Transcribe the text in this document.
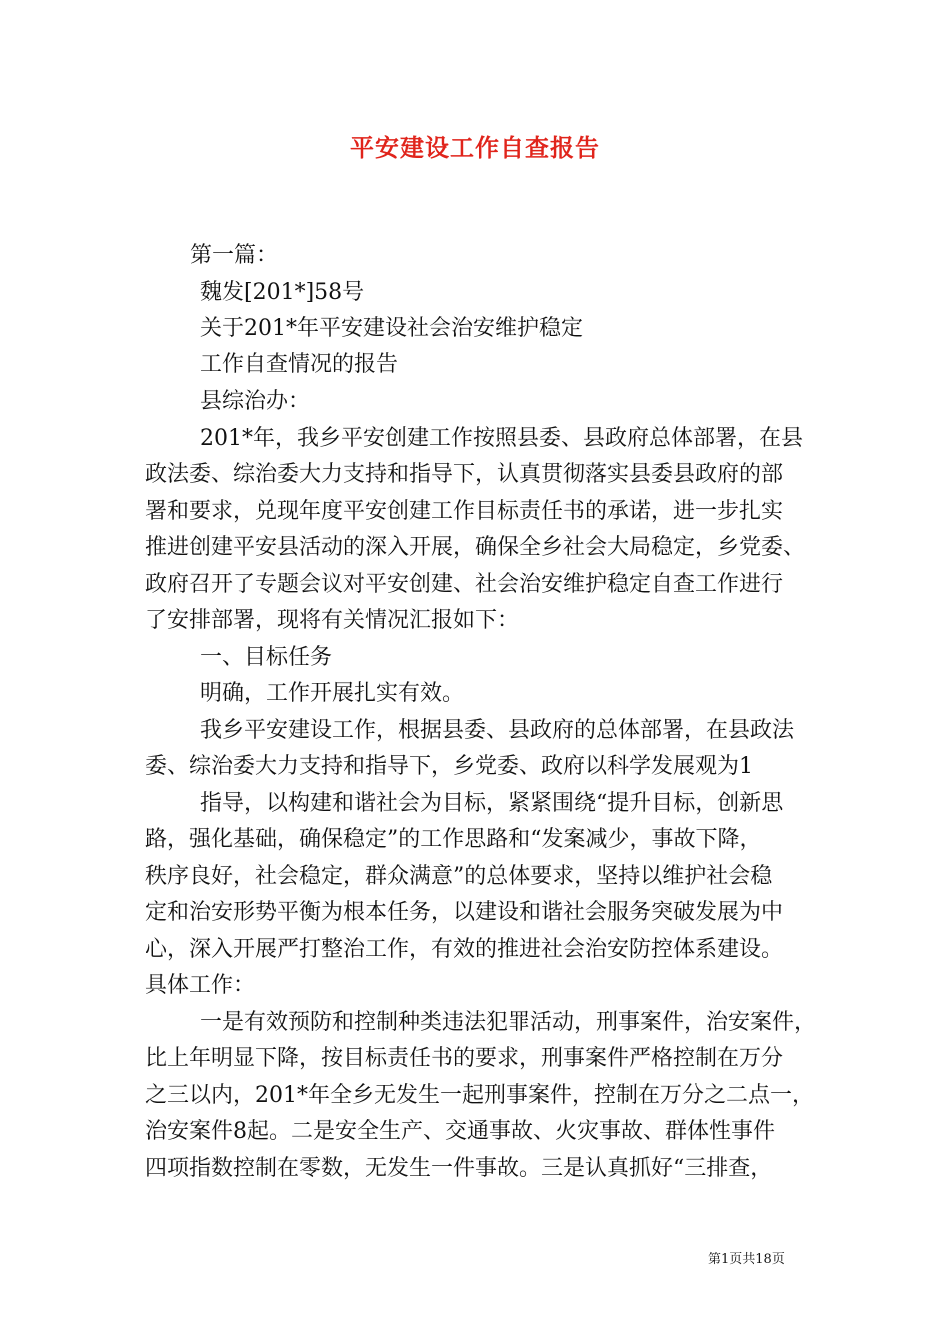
平安建设工作自查报告
第一篇：
魏发[201*]58号
关于201*年平安建设社会治安维护稳定
工作自查情况的报告
县综治办：
201*年，我乡平安创建工作按照县委、县政府总体部署，在县
政法委、综治委大力支持和指导下，认真贯彻落实县委县政府的部
署和要求，兑现年度平安创建工作目标责任书的承诺，进一步扎实
推进创建平安县活动的深入开展，确保全乡社会大局稳定，乡党委、
政府召开了专题会议对平安创建、社会治安维护稳定自查工作进行
了安排部署，现将有关情况汇报如下：
一、目标任务
明确，工作开展扎实有效。
我乡平安建设工作，根据县委、县政府的总体部署，在县政法
委、综治委大力支持和指导下，乡党委、政府以科学发展观为1
指导，以构建和谐社会为目标，紧紧围绕“提升目标，创新思
路，强化基础，确保稳定”的工作思路和“发案减少，事故下降，
秩序良好，社会稳定，群众满意”的总体要求，坚持以维护社会稳
定和治安形势平衡为根本任务，以建设和谐社会服务突破发展为中
心，深入开展严打整治工作，有效的推进社会治安防控体系建设。
具体工作：
一是有效预防和控制种类违法犯罪活动，刑事案件，治安案件，
比上年明显下降，按目标责任书的要求，刑事案件严格控制在万分
之三以内，201*年全乡无发生一起刑事案件，控制在万分之二点一，
治安案件8起。二是安全生产、交通事故、火灾事故、群体性事件
四项指数控制在零数，无发生一件事故。三是认真抓好“三排查，
第1页共18页
